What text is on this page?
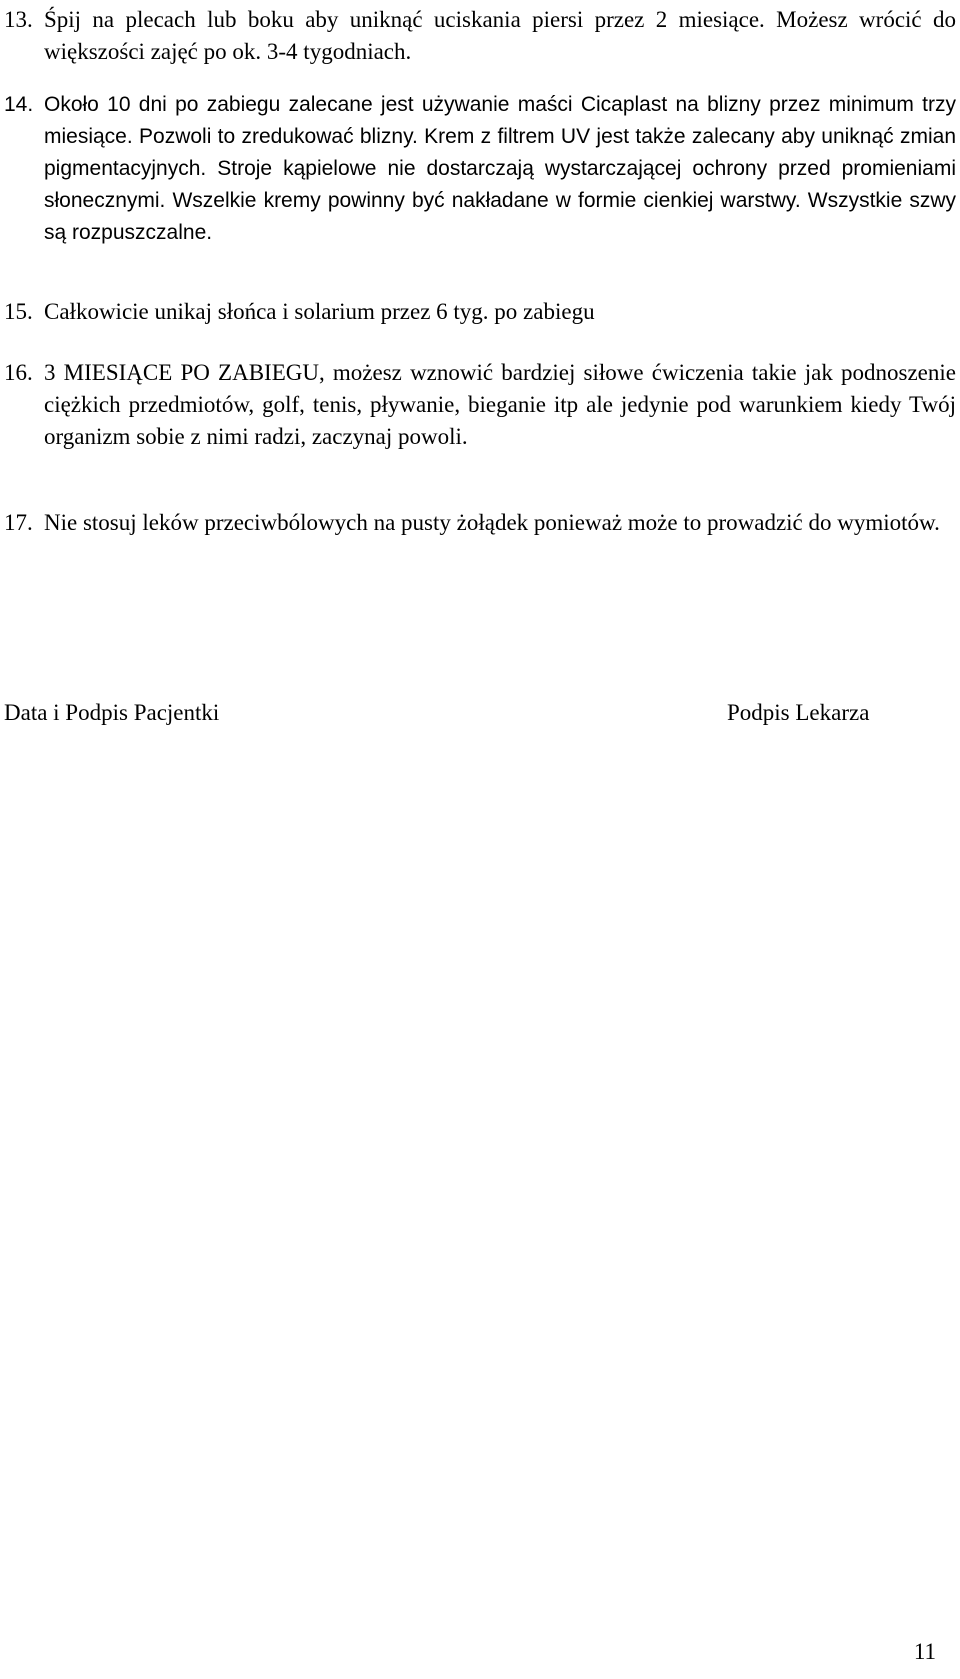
13. Śpij na plecach lub boku aby uniknąć uciskania piersi przez 2 miesiące. Możesz wrócić do większości zajęć po ok. 3-4 tygodniach.
14. Około 10 dni po zabiegu zalecane jest używanie maści Cicaplast na blizny przez minimum trzy miesiące. Pozwoli to zredukować blizny. Krem z filtrem UV jest także zalecany aby uniknąć zmian pigmentacyjnych. Stroje kąpielowe nie dostarczają wystarczającej ochrony przed promieniami słonecznymi. Wszelkie kremy powinny być nakładane w formie cienkiej warstwy. Wszystkie szwy są rozpuszczalne.
15. Całkowicie unikaj słońca i solarium przez 6 tyg. po zabiegu
16. 3 MIESIĄCE PO ZABIEGU, możesz wznowić bardziej siłowe ćwiczenia takie jak podnoszenie ciężkich przedmiotów, golf, tenis, pływanie, bieganie itp ale jedynie pod warunkiem kiedy Twój organizm sobie z nimi radzi, zaczynaj powoli.
17. Nie stosuj leków przeciwbólowych na pusty żołądek ponieważ może to prowadzić do wymiotów.
Data i Podpis Pacjentki	Podpis Lekarza
11
